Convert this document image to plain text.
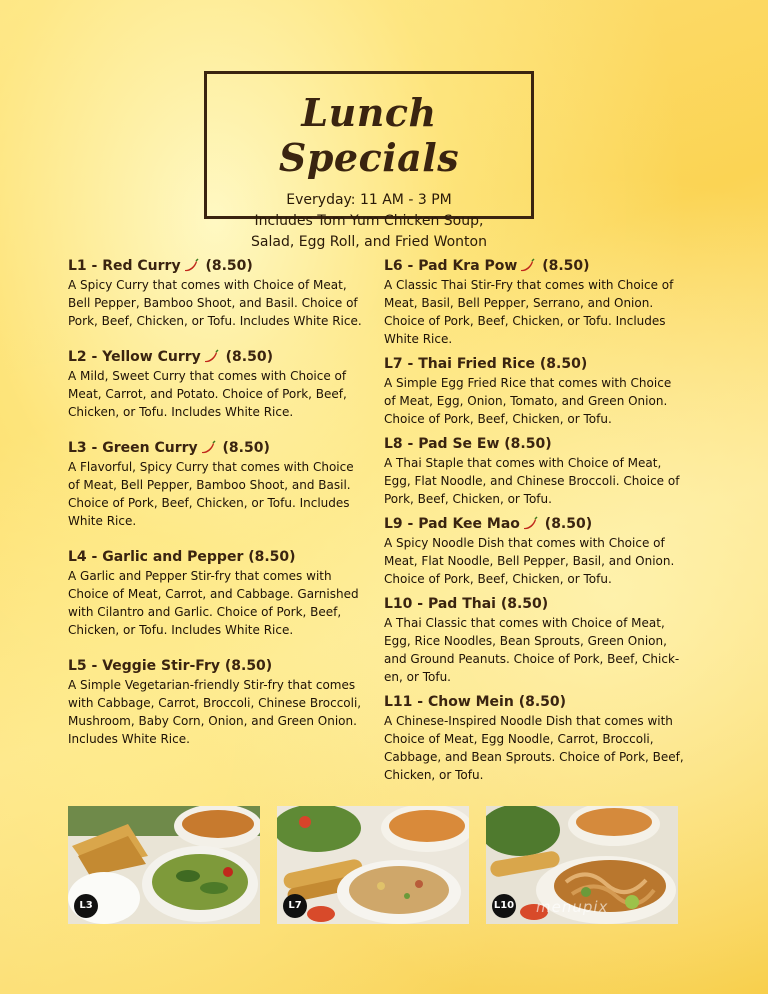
Lunch Specials
Everyday: 11 AM - 3 PM
Includes Tom Yum Chicken Soup,
Salad, Egg Roll, and Fried Wonton
L1 - Red Curry (8.50)
A Spicy Curry that comes with Choice of Meat, Bell Pepper, Bamboo Shoot, and Basil. Choice of Pork, Beef, Chicken, or Tofu. Includes White Rice.
L2 - Yellow Curry (8.50)
A Mild, Sweet Curry that comes with Choice of Meat, Carrot, and Potato. Choice of Pork, Beef, Chicken, or Tofu. Includes White Rice.
L3 - Green Curry (8.50)
A Flavorful, Spicy Curry that comes with Choice of Meat, Bell Pepper, Bamboo Shoot, and Basil. Choice of Pork, Beef, Chicken, or Tofu. Includes White Rice.
L4 - Garlic and Pepper (8.50)
A Garlic and Pepper Stir-fry that comes with Choice of Meat, Carrot, and Cabbage. Garnished with Cilantro and Garlic. Choice of Pork, Beef, Chicken, or Tofu. Includes White Rice.
L5 - Veggie Stir-Fry (8.50)
A Simple Vegetarian-friendly Stir-fry that comes with Cabbage, Carrot, Broccoli, Chinese Broccoli, Mushroom, Baby Corn, Onion, and Green Onion. Includes White Rice.
L6 - Pad Kra Pow (8.50)
A Classic Thai Stir-Fry that comes with Choice of Meat, Basil, Bell Pepper, Serrano, and Onion. Choice of Pork, Beef, Chicken, or Tofu. Includes White Rice.
L7 - Thai Fried Rice (8.50)
A Simple Egg Fried Rice that comes with Choice of Meat, Egg, Onion, Tomato, and Green Onion. Choice of Pork, Beef, Chicken, or Tofu.
L8 - Pad Se Ew (8.50)
A Thai Staple that comes with Choice of Meat, Egg, Flat Noodle, and Chinese Broccoli. Choice of Pork, Beef, Chicken, or Tofu.
L9 - Pad Kee Mao (8.50)
A Spicy Noodle Dish that comes with Choice of Meat, Flat Noodle, Bell Pepper, Basil, and Onion. Choice of Pork, Beef, Chicken, or Tofu.
L10 - Pad Thai (8.50)
A Thai Classic that comes with Choice of Meat, Egg, Rice Noodles, Bean Sprouts, Green Onion, and Ground Peanuts. Choice of Pork, Beef, Chick-en, or Tofu.
L11 - Chow Mein (8.50)
A Chinese-Inspired Noodle Dish that comes with Choice of Meat, Egg Noodle, Carrot, Broccoli, Cabbage, and Bean Sprouts. Choice of Pork, Beef, Chicken, or Tofu.
L3	L7	L10 menupix
